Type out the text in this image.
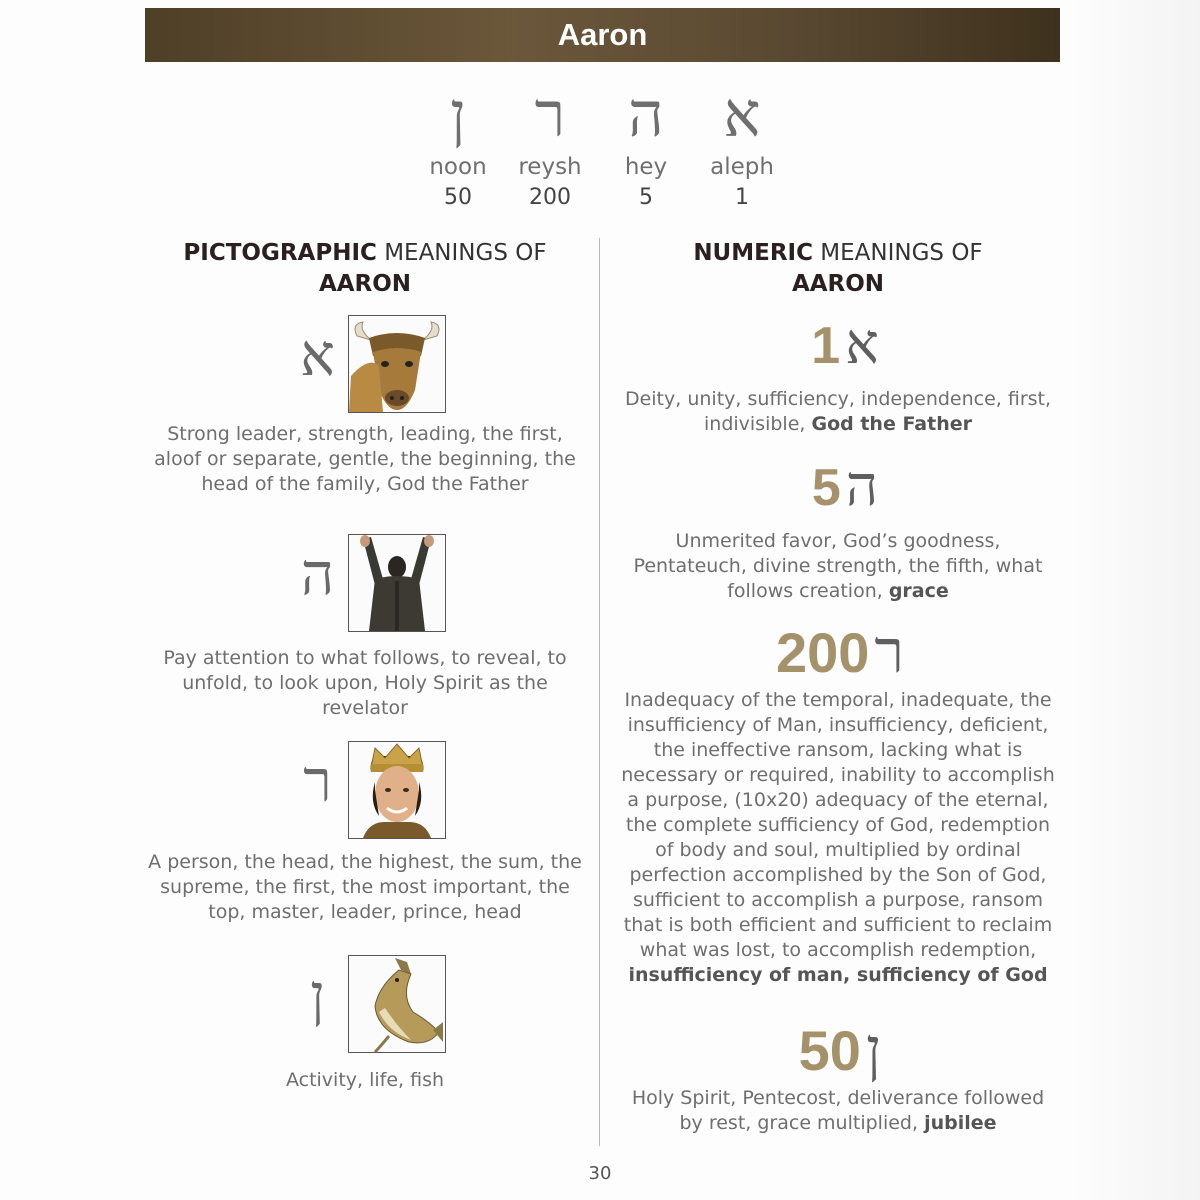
Aaron
ן
noon
50
ר
reysh
200
ה
hey
5
א
aleph
1
PICTOGRAPHIC MEANINGS OF
AARON
א
Strong leader, strength, leading, the first, aloof or separate, gentle, the beginning, the head of the family, God the Father
ה
Pay attention to what follows, to reveal, to unfold, to look upon, Holy Spirit as the revelator
ר
A person, the head, the highest, the sum, the supreme, the first, the most important, the top, master, leader, prince, head
ן
Activity, life, fish
NUMERIC MEANINGS OF
AARON
א 1
Deity, unity, sufficiency, independence, first, indivisible, God the Father
ה 5
Unmerited favor, God’s goodness, Pentateuch, divine strength, the fifth, what follows creation, grace
ר 200
Inadequacy of the temporal, inadequate, the insufficiency of Man, insufficiency, deficient, the ineffective ransom, lacking what is necessary or required, inability to accomplish a purpose, (10x20) adequacy of the eternal, the complete sufficiency of God, redemption of body and soul, multiplied by ordinal perfection accomplished by the Son of God, sufficient to accomplish a purpose, ransom that is both efficient and sufficient to reclaim what was lost, to accomplish redemption, insufficiency of man, sufficiency of God
ן 50
Holy Spirit, Pentecost, deliverance followed by rest, grace multiplied, jubilee
30
